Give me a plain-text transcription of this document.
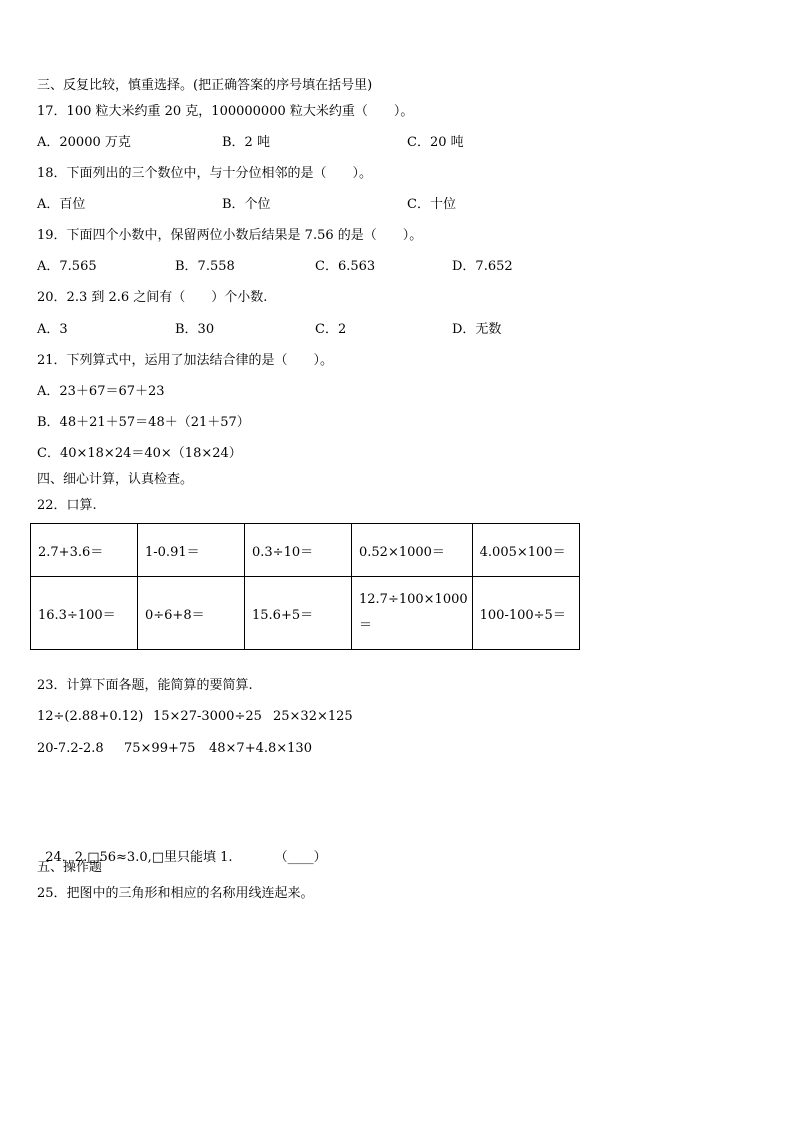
三、反复比较，慎重选择。(把正确答案的序号填在括号里)
17．100 粒大米约重 20 克，100000000 粒大米约重（　　）。
A．20000 万克	B．2 吨	C．20 吨
18．下面列出的三个数位中，与十分位相邻的是（　　）。
A．百位	B．个位	C．十位
19．下面四个小数中，保留两位小数后结果是 7.56 的是（　　）。
A．7.565	B．7.558	C．6.563	D．7.652
20．2.3 到 2.6 之间有（　　）个小数.
A．3	B．30	C．2	D．无数
21．下列算式中，运用了加法结合律的是（　　）。
A．23＋67＝67＋23
B．48＋21＋57＝48＋（21＋57）
C．40×18×24＝40×（18×24）
四、细心计算，认真检查。
22．口算.
2.7+3.6＝	1-0.91＝	0.3÷10＝	0.52×1000＝	4.005×100＝
16.3÷100＝	0÷6+8＝	15.6+5＝	12.7÷100×1000＝	100-100÷5＝
23．计算下面各题，能简算的要简算.
12÷(2.88+0.12) 15×27-3000÷25 25×32×125
20-7.2-2.8 75×99+75 48×7+4.8×130

24．2.□56≈3.0,□里只能填 1.	（____）

五、操作题
25．把图中的三角形和相应的名称用线连起来。
